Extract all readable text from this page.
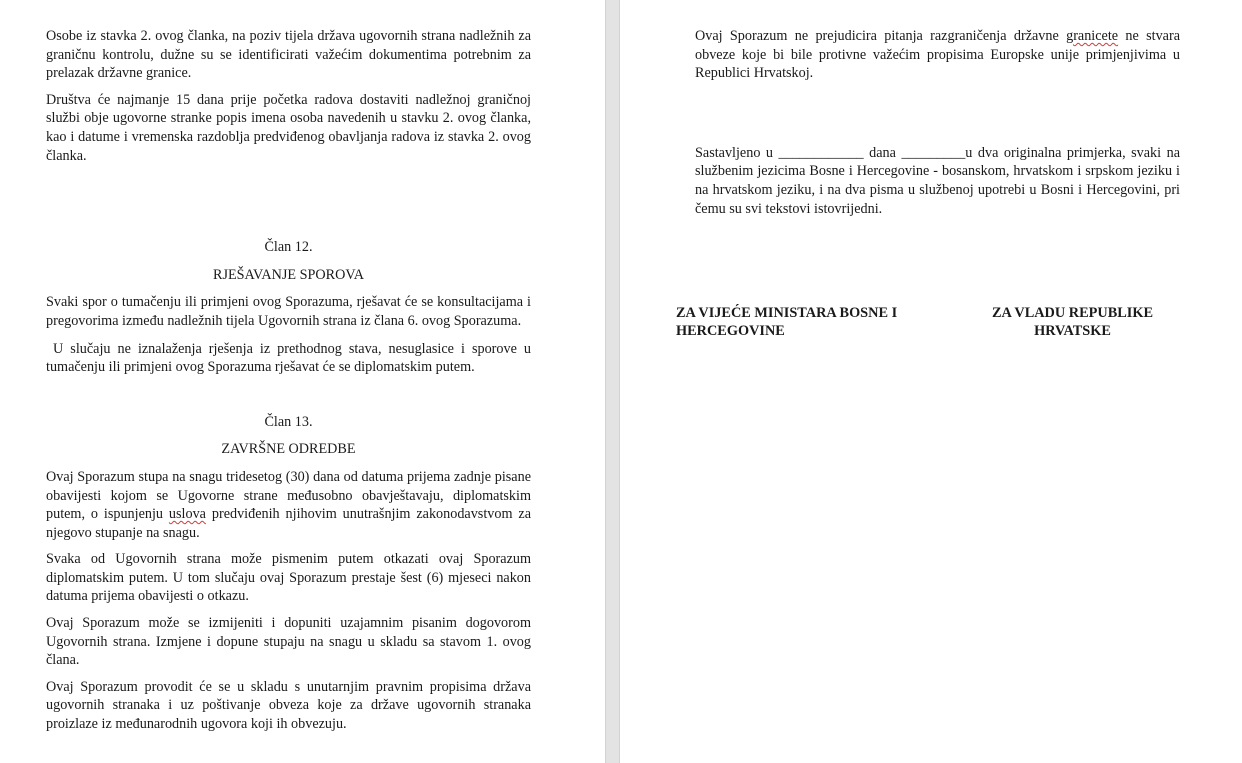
Osobe iz stavka 2. ovog članka, na poziv tijela država ugovornih strana nadležnih za graničnu kontrolu, dužne su se identificirati važećim dokumentima potrebnim za prelazak državne granice.

Društva će najmanje 15 dana prije početka radova dostaviti nadležnoj graničnoj službi obje ugovorne stranke popis imena osoba navedenih u stavku 2. ovog članka, kao i datume i vremenska razdoblja predviđenog obavljanja radova iz stavka 2. ovog članka.

Član 12.

RJEŠAVANJE SPOROVA

Svaki spor o tumačenju ili primjeni ovog Sporazuma, rješavat će se konsultacijama i pregovorima između nadležnih tijela Ugovornih strana iz člana 6. ovog Sporazuma.

U slučaju ne iznalaženja rješenja iz prethodnog stava, nesuglasice i sporove u tumačenju ili primjeni ovog Sporazuma rješavat će se diplomatskim putem.

Član 13.

ZAVRŠNE ODREDBE

Ovaj Sporazum stupa na snagu tridesetog (30) dana od datuma prijema zadnje pisane obavijesti kojom se Ugovorne strane međusobno obavještavaju, diplomatskim putem, o ispunjenju uslova predviđenih njihovim unutrašnjim zakonodavstvom za njegovo stupanje na snagu.

Svaka od Ugovornih strana može pismenim putem otkazati ovaj Sporazum diplomatskim putem. U tom slučaju ovaj Sporazum prestaje šest (6) mjeseci nakon datuma prijema obavijesti o otkazu.

Ovaj Sporazum može se izmijeniti i dopuniti uzajamnim pisanim dogovorom Ugovornih strana. Izmjene i dopune stupaju na snagu u skladu sa stavom 1. ovog člana.

Ovaj Sporazum provodit će se u skladu s unutarnjim pravnim propisima država ugovornih stranaka i uz poštivanje obveza koje za države ugovornih stranaka proizlaze iz međunarodnih ugovora koji ih obvezuju.

Ovaj Sporazum ne prejudicira pitanja razgraničenja državne granicete ne stvara obveze koje bi bile protivne važećim propisima Europske unije primjenjivima u Republici Hrvatskoj.

Sastavljeno u ____________ dana _________u dva originalna primjerka, svaki na službenim jezicima Bosne i Hercegovine - bosanskom, hrvatskom i srpskom jeziku i na hrvatskom jeziku, i na dva pisma u službenoj upotrebi u Bosni i Hercegovini, pri čemu su svi tekstovi istovrijedni.

ZA VIJEĆE MINISTARA BOSNE I HERCEGOVINE
ZA VLADU REPUBLIKE HRVATSKE
